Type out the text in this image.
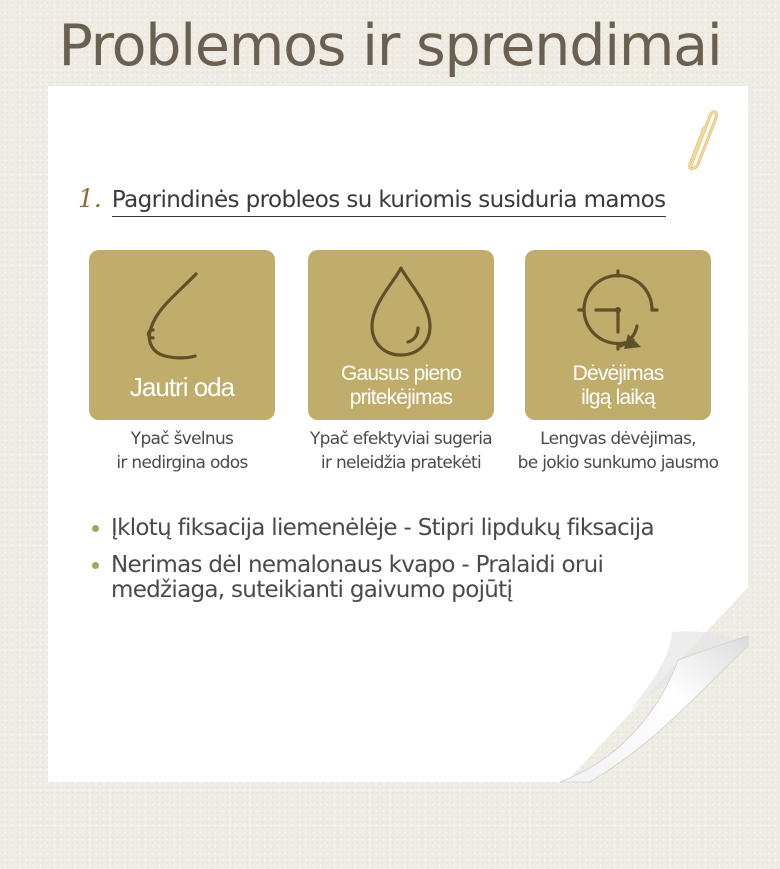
Problemos ir sprendimai
1. Pagrindinės probleos su kuriomis susiduria mamos
Jautri oda
Ypač švelnus
ir nedirgina odos
Gausus pieno
pritekėjimas
Ypač efektyviai sugeria
ir neleidžia pratekėti
Dėvėjimas
ilgą laiką
Lengvas dėvėjimas,
be jokio sunkumo jausmo
Įklotų fiksacija liemenėlėje - Stipri lipdukų fiksacija
Nerimas dėl nemalonaus kvapo - Pralaidi orui medžiaga, suteikianti gaivumo pojūtį
